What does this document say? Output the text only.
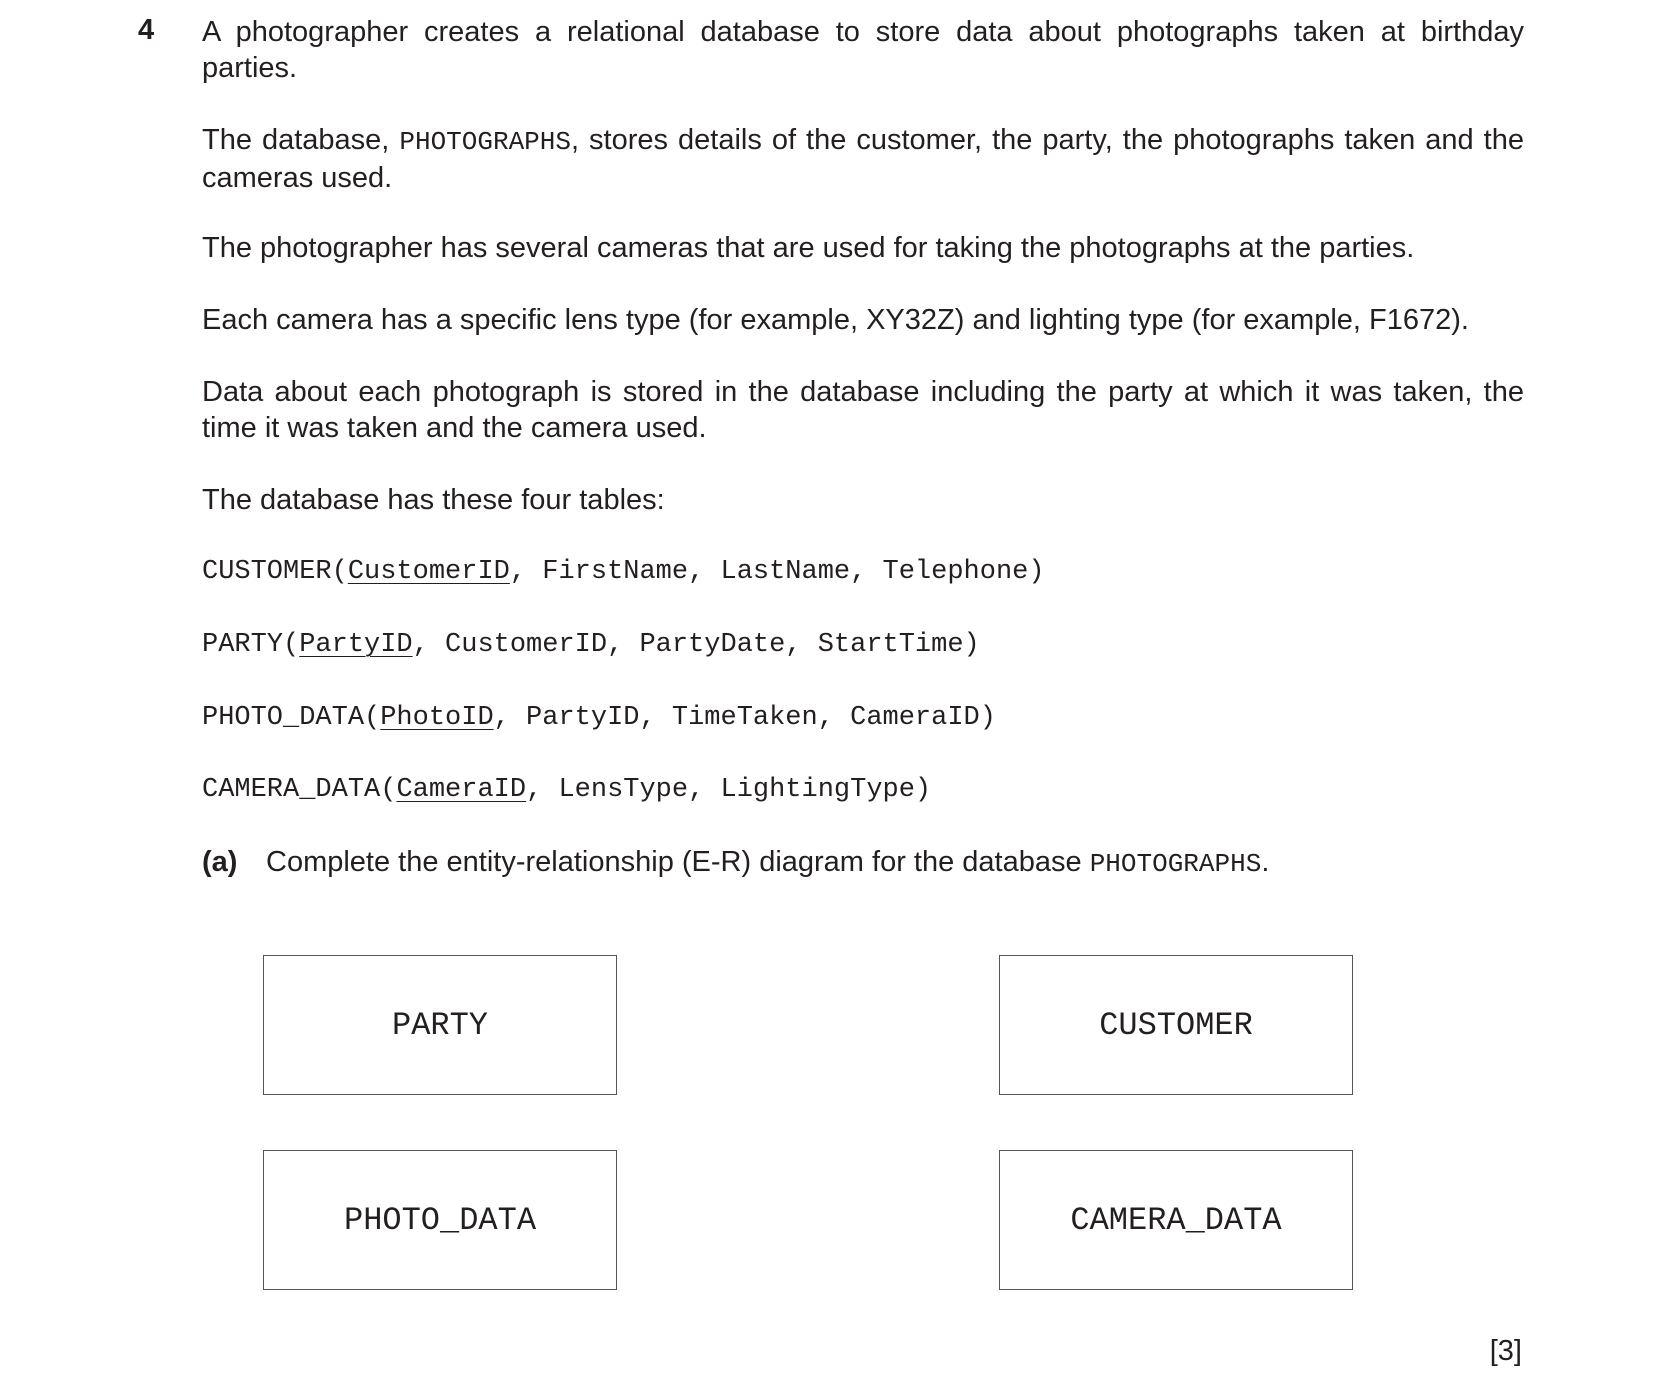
4 A photographer creates a relational database to store data about photographs taken at birthday parties.

The database, PHOTOGRAPHS, stores details of the customer, the party, the photographs taken and the cameras used.

The photographer has several cameras that are used for taking the photographs at the parties.

Each camera has a specific lens type (for example, XY32Z) and lighting type (for example, F1672).

Data about each photograph is stored in the database including the party at which it was taken, the time it was taken and the camera used.

The database has these four tables:

CUSTOMER(CustomerID, FirstName, LastName, Telephone)
PARTY(PartyID, CustomerID, PartyDate, StartTime)
PHOTO_DATA(PhotoID, PartyID, TimeTaken, CameraID)
CAMERA_DATA(CameraID, LensType, LightingType)
(a) Complete the entity-relationship (E-R) diagram for the database PHOTOGRAPHS.
PARTY	CUSTOMER
PHOTO_DATA	CAMERA_DATA
[3]
